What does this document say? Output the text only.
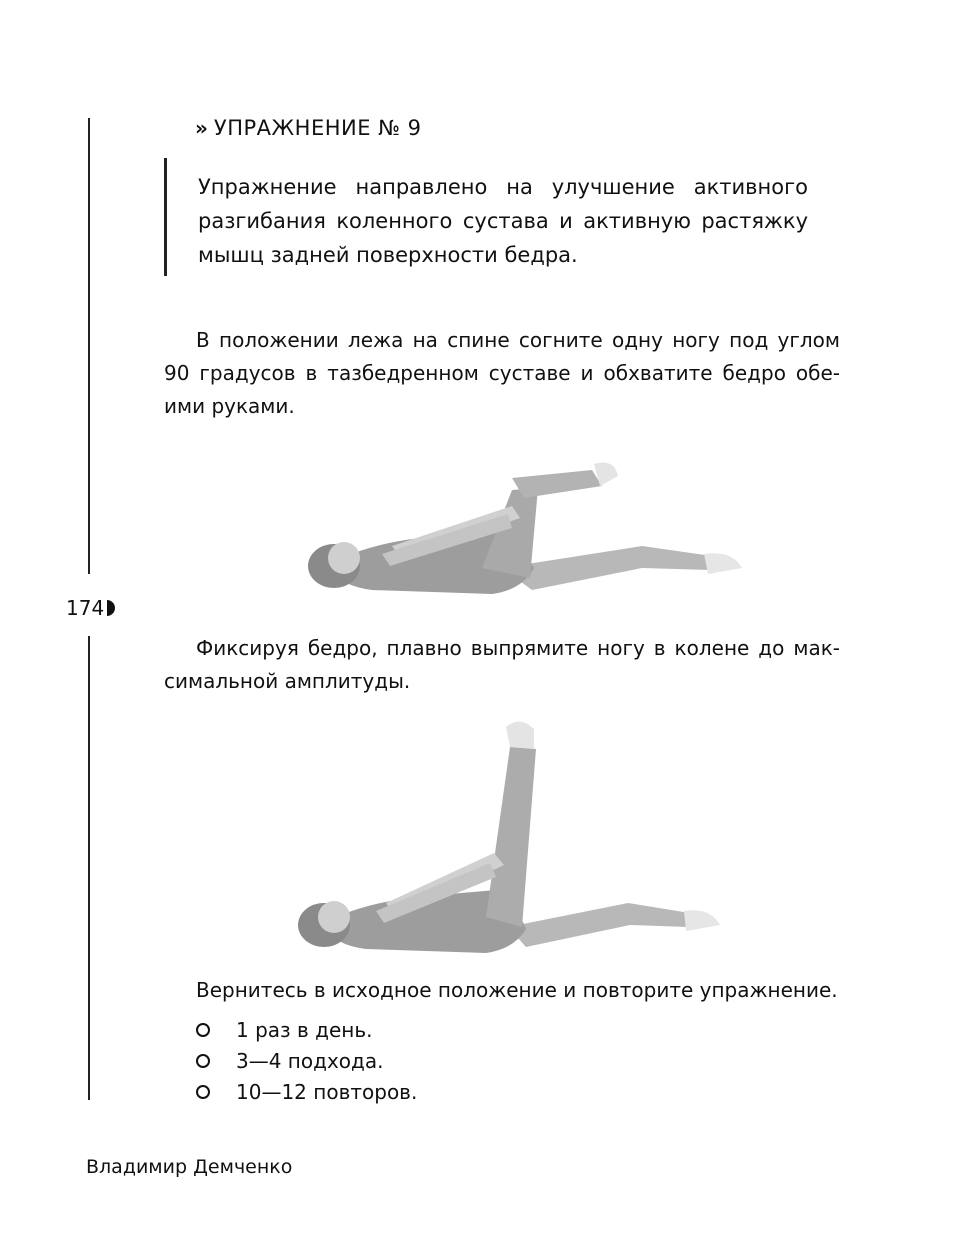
» УПРАЖНЕНИЕ № 9
Упражнение направлено на улучшение активного разгибания коленного сустава и активную растяжку мышц задней поверхности бедра.
В положении лежа на спине согните одну ногу под углом 90 градусов в тазбедренном суставе и обхватите бедро обеими руками.
174
Фиксируя бедро, плавно выпрямите ногу в колене до максимальной амплитуды.
Вернитесь в исходное положение и повторите упражнение.
1 раз в день.
3—4 подхода.
10—12 повторов.
Владимир Демченко
